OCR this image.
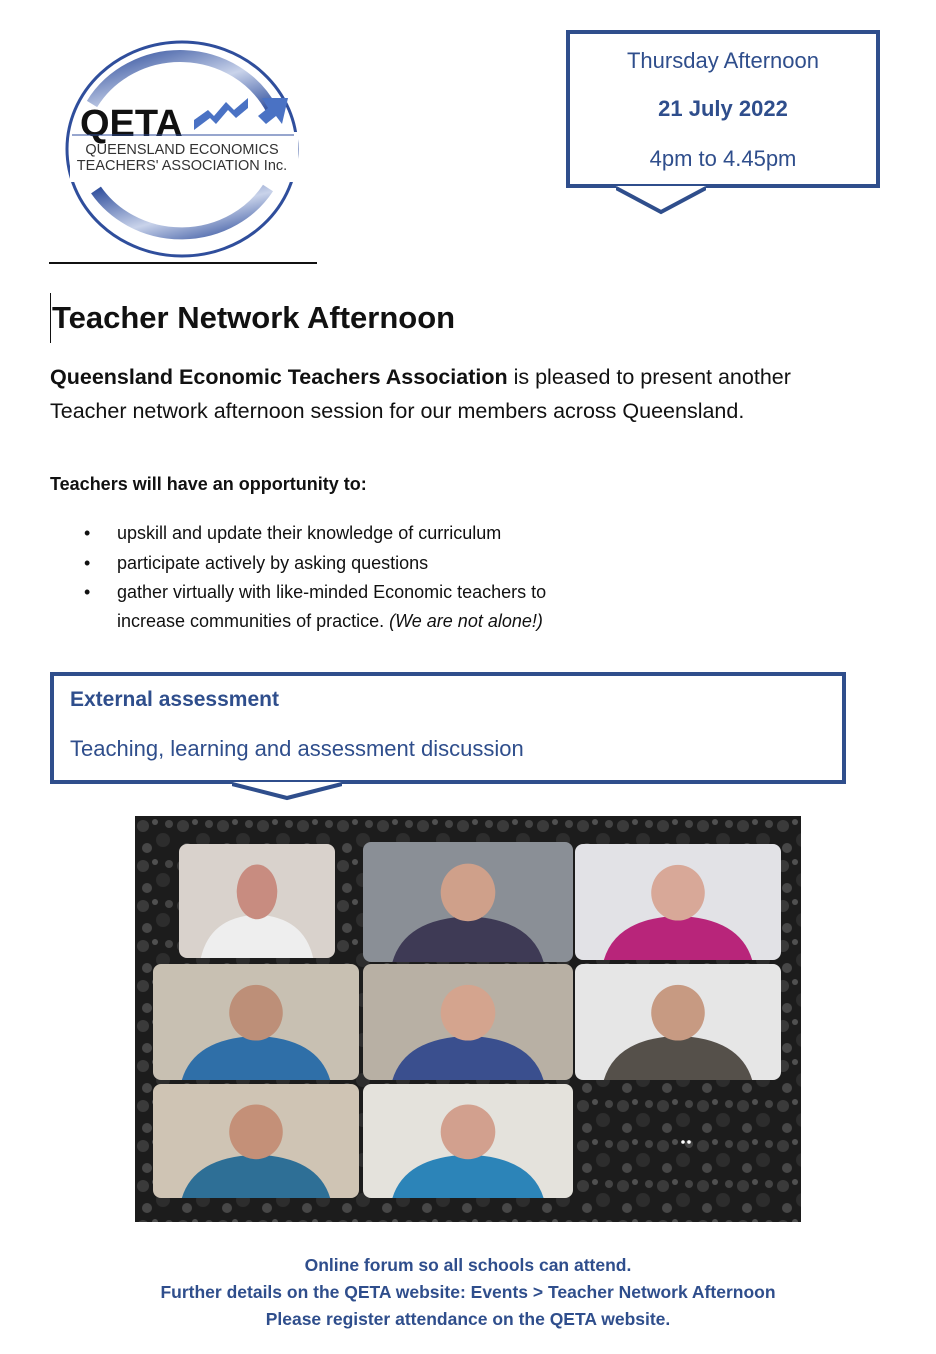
QETA
QUEENSLAND ECONOMICS
TEACHERS' ASSOCIATION Inc.
Thursday Afternoon
21 July 2022
4pm to 4.45pm
Teacher Network Afternoon

Queensland Economic Teachers Association is pleased to present another
Teacher network afternoon session for our members across Queensland.

Teachers will have an opportunity to:
• upskill and update their knowledge of curriculum
• participate actively by asking questions
• gather virtually with like-minded Economic teachers to
increase communities of practice. (We are not alone!)
External assessment
Teaching, learning and assessment discussion
Online forum so all schools can attend.
Further details on the QETA website: Events > Teacher Network Afternoon
Please register attendance on the QETA website.
